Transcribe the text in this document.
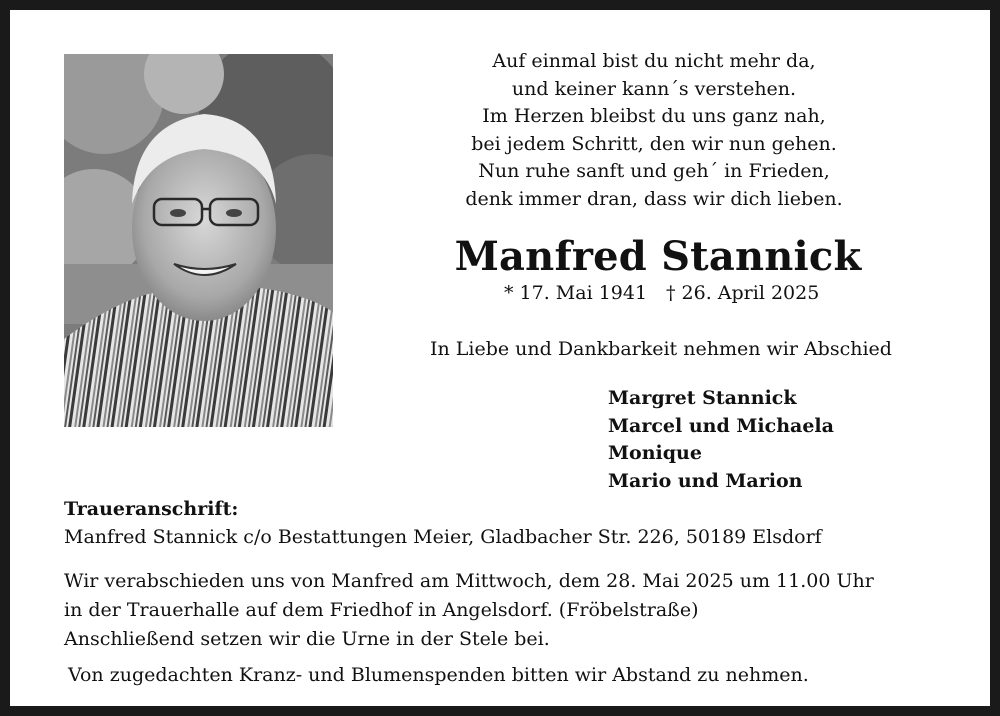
Auf einmal bist du nicht mehr da,
und keiner kann´s verstehen.
Im Herzen bleibst du uns ganz nah,
bei jedem Schritt, den wir nun gehen.
Nun ruhe sanft und geh´ in Frieden,
denk immer dran, dass wir dich lieben.
Manfred Stannick
* 17. Mai 1941 † 26. April 2025
In Liebe und Dankbarkeit nehmen wir Abschied
Margret Stannick
Marcel und Michaela
Monique
Mario und Marion
Traueranschrift:
Manfred Stannick c/o Bestattungen Meier, Gladbacher Str. 226, 50189 Elsdorf
Wir verabschieden uns von Manfred am Mittwoch, dem 28. Mai 2025 um 11.00 Uhr
in der Trauerhalle auf dem Friedhof in Angelsdorf. (Fröbelstraße)
Anschließend setzen wir die Urne in der Stele bei.
Von zugedachten Kranz- und Blumenspenden bitten wir Abstand zu nehmen.
